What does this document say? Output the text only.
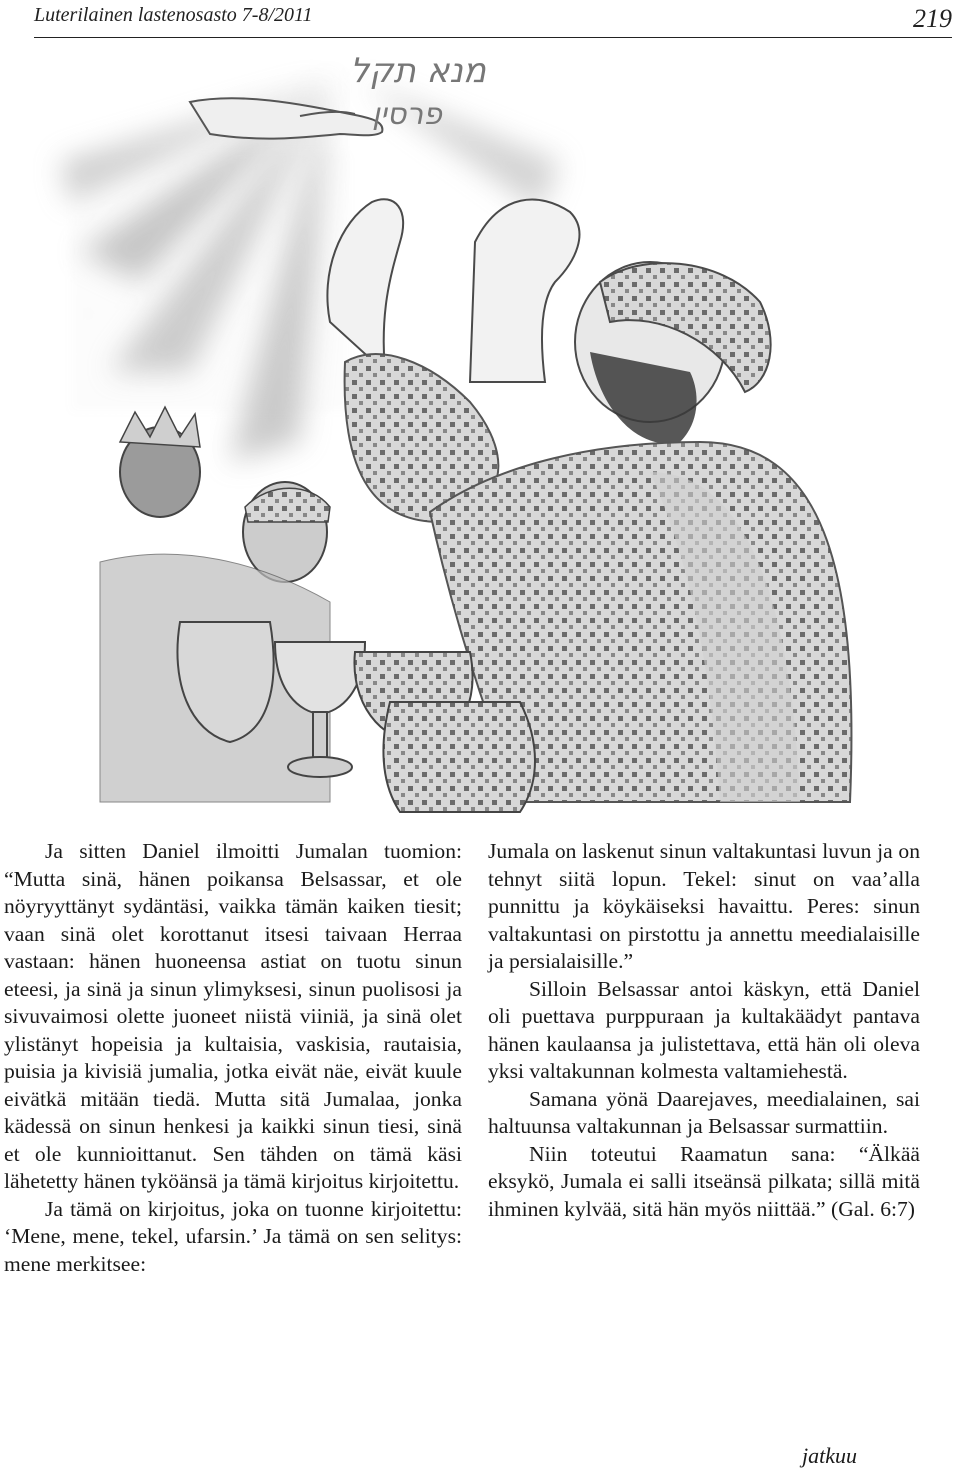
Luterilainen lastenosasto 7-8/2011	219
מנא תקל
פרסין

Ja sitten Daniel ilmoitti Jumalan tuomion: “Mutta sinä, hänen poikansa Belsassar, et ole nöyryyttänyt sydäntäsi, vaikka tämän kaiken tiesit; vaan sinä olet korottanut itsesi taivaan Herraa vastaan: hänen huoneensa astiat on tuotu sinun eteesi, ja sinä ja sinun ylimyksesi, sinun puolisosi ja sivuvaimosi olette juoneet niistä viiniä, ja sinä olet ylistänyt hopeisia ja kultaisia, vaskisia, rautaisia, puisia ja kivisiä jumalia, jotka eivät näe, eivät kuule eivätkä mitään tiedä. Mutta sitä Jumalaa, jonka kädessä on sinun henkesi ja kaikki sinun tiesi, sinä et ole kunnioittanut. Sen tähden on tämä käsi lähetetty hänen tyköänsä ja tämä kirjoitus kirjoitettu.

Ja tämä on kirjoitus, joka on tuonne kirjoitettu: ‘Mene, mene, tekel, ufarsin.’ Ja tämä on sen selitys: mene merkitsee:

Jumala on laskenut sinun valtakuntasi luvun ja on tehnyt siitä lopun. Tekel: sinut on vaa’alla punnittu ja köykäiseksi havaittu. Peres: sinun valtakuntasi on pirstottu ja annettu meedialaisille ja persialaisille.”

Silloin Belsassar antoi käskyn, että Daniel oli puettava purppuraan ja kultakäädyt pantava hänen kaulaansa ja julistettava, että hän oli oleva yksi valtakunnan kolmesta valtamiehestä.

Samana yönä Daarejaves, meedialainen, sai haltuunsa valtakunnan ja Belsassar surmattiin.

Niin toteutui Raamatun sana: “Älkää eksykö, Jumala ei salli itseänsä pilkata; sillä mitä ihminen kylvää, sitä hän myös niittää.” (Gal. 6:7)

jatkuu
